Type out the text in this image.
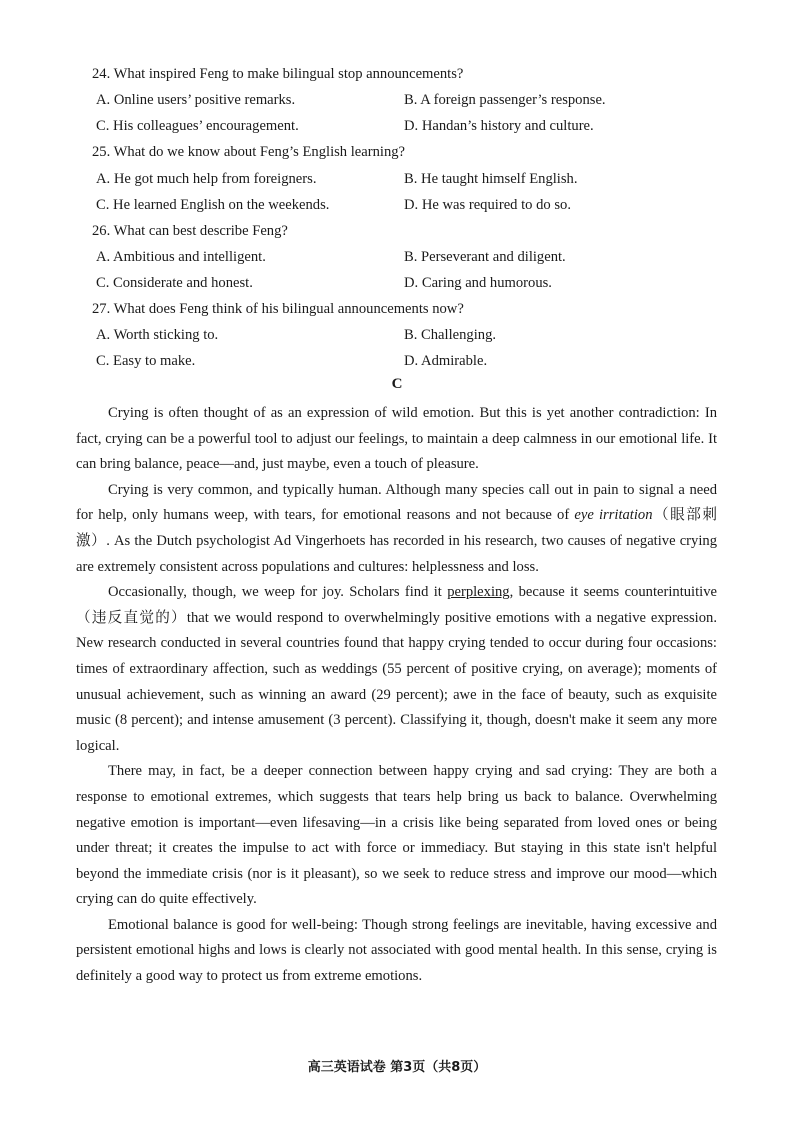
24. What inspired Feng to make bilingual stop announcements?
A. Online users’ positive remarks.	B. A foreign passenger’s response.
C. His colleagues’ encouragement.	D. Handan’s history and culture.
25. What do we know about Feng’s English learning?
A. He got much help from foreigners.	B. He taught himself English.
C. He learned English on the weekends.	D. He was required to do so.
26. What can best describe Feng?
A. Ambitious and intelligent.	B. Perseverant and diligent.
C. Considerate and honest.	D. Caring and humorous.
27. What does Feng think of his bilingual announcements now?
A. Worth sticking to.	B. Challenging.
C. Easy to make.	D. Admirable.
C

Crying is often thought of as an expression of wild emotion. But this is yet another contradiction: In fact, crying can be a powerful tool to adjust our feelings, to maintain a deep calmness in our emotional life. It can bring balance, peace—and, just maybe, even a touch of pleasure.

Crying is very common, and typically human. Although many species call out in pain to signal a need for help, only humans weep, with tears, for emotional reasons and not because of eye irritation（眼部刺激）. As the Dutch psychologist Ad Vingerhoets has recorded in his research, two causes of negative crying are extremely consistent across populations and cultures: helplessness and loss.

Occasionally, though, we weep for joy. Scholars find it perplexing, because it seems counterintuitive（违反直觉的）that we would respond to overwhelmingly positive emotions with a negative expression. New research conducted in several countries found that happy crying tended to occur during four occasions: times of extraordinary affection, such as weddings (55 percent of positive crying, on average); moments of unusual achievement, such as winning an award (29 percent); awe in the face of beauty, such as exquisite music (8 percent); and intense amusement (3 percent). Classifying it, though, doesn't make it seem any more logical.

There may, in fact, be a deeper connection between happy crying and sad crying: They are both a response to emotional extremes, which suggests that tears help bring us back to balance. Overwhelming negative emotion is important—even lifesaving—in a crisis like being separated from loved ones or being under threat; it creates the impulse to act with force or immediacy. But staying in this state isn't helpful beyond the immediate crisis (nor is it pleasant), so we seek to reduce stress and improve our mood—which crying can do quite effectively.

Emotional balance is good for well-being: Though strong feelings are inevitable, having excessive and persistent emotional highs and lows is clearly not associated with good mental health. In this sense, crying is definitely a good way to protect us from extreme emotions.

高三英语试卷 第3页（共8页）
